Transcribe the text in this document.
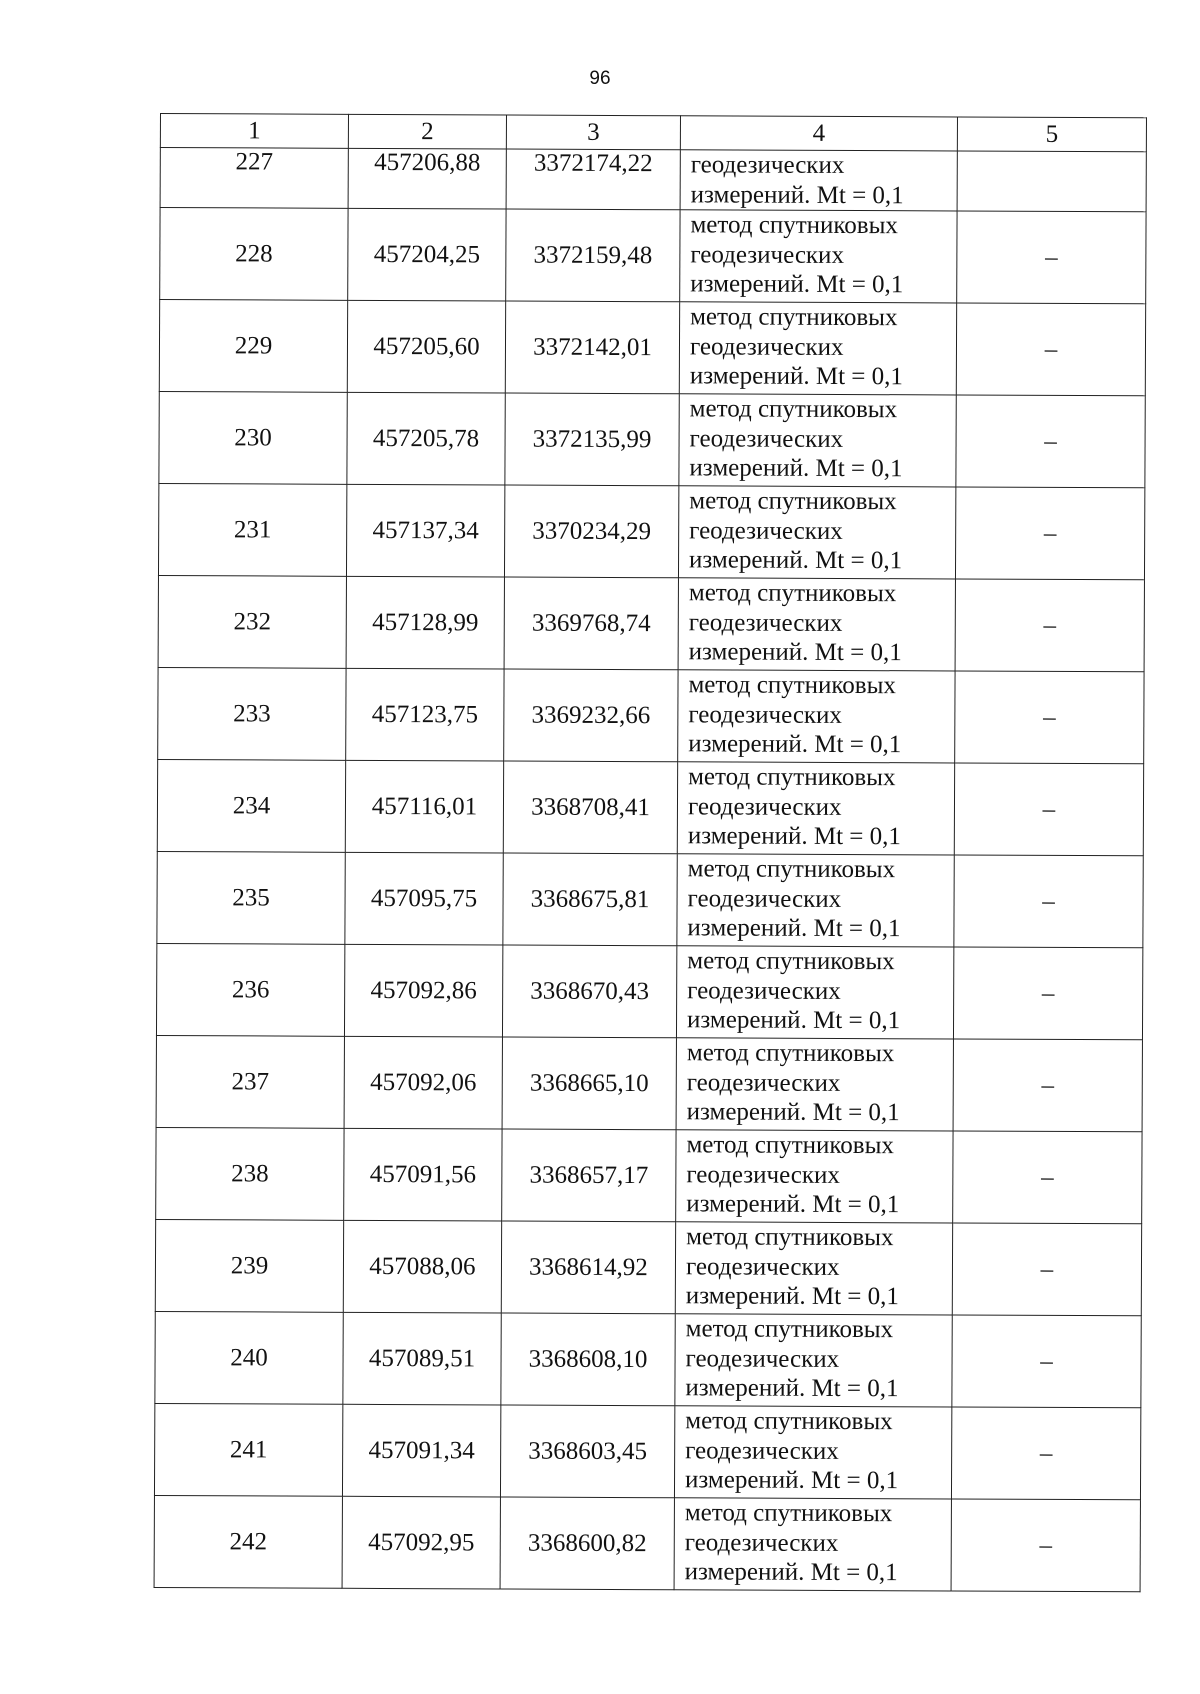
96
1	2	3	4	5
227	457206,88	3372174,22	геодезических
измерений. Mt = 0,1	

228	457204,25	3372159,48	метод спутниковых
геодезических
измерений. Mt = 0,1	–
229	457205,60	3372142,01	метод спутниковых
геодезических
измерений. Mt = 0,1	–
230	457205,78	3372135,99	метод спутниковых
геодезических
измерений. Mt = 0,1	–
231	457137,34	3370234,29	метод спутниковых
геодезических
измерений. Mt = 0,1	–
232	457128,99	3369768,74	метод спутниковых
геодезических
измерений. Mt = 0,1	–
233	457123,75	3369232,66	метод спутниковых
геодезических
измерений. Mt = 0,1	–
234	457116,01	3368708,41	метод спутниковых
геодезических
измерений. Mt = 0,1	–
235	457095,75	3368675,81	метод спутниковых
геодезических
измерений. Mt = 0,1	–
236	457092,86	3368670,43	метод спутниковых
геодезических
измерений. Mt = 0,1	–
237	457092,06	3368665,10	метод спутниковых
геодезических
измерений. Mt = 0,1	–
238	457091,56	3368657,17	метод спутниковых
геодезических
измерений. Mt = 0,1	–
239	457088,06	3368614,92	метод спутниковых
геодезических
измерений. Mt = 0,1	–
240	457089,51	3368608,10	метод спутниковых
геодезических
измерений. Mt = 0,1	–
241	457091,34	3368603,45	метод спутниковых
геодезических
измерений. Mt = 0,1	–
242	457092,95	3368600,82	метод спутниковых
геодезических
измерений. Mt = 0,1	–
